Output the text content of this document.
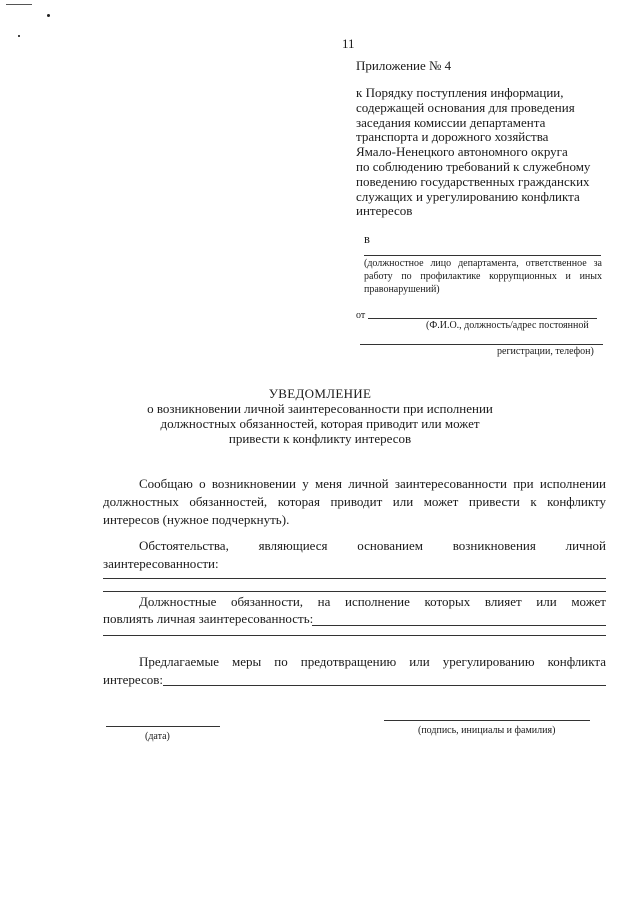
11
Приложение № 4
к Порядку поступления информации,
содержащей основания для проведения
заседания комиссии департамента
транспорта и дорожного хозяйства
Ямало-Ненецкого автономного округа
по соблюдению требований к служебному
поведению государственных гражданских
служащих и урегулированию конфликта
интересов
в
(должностное лицо департамента, ответственное за
работу по профилактике коррупционных и иных
правонарушений)
от
(Ф.И.О., должность/адрес постоянной
регистрации, телефон)
УВЕДОМЛЕНИЕ
о возникновении личной заинтересованности при исполнении
должностных обязанностей, которая приводит или может
привести к конфликту интересов
Сообщаю о возникновении у меня личной заинтересованности при исполнении
должностных обязанностей, которая приводит или может привести к конфликту
интересов (нужное подчеркнуть).
Обстоятельства, являющиеся основанием возникновения личной
заинтересованности:
Должностные обязанности, на исполнение которых влияет или может
повлиять личная заинтересованность:
Предлагаемые меры по предотвращению или урегулированию конфликта
интересов:
(дата)
(подпись, инициалы и фамилия)
